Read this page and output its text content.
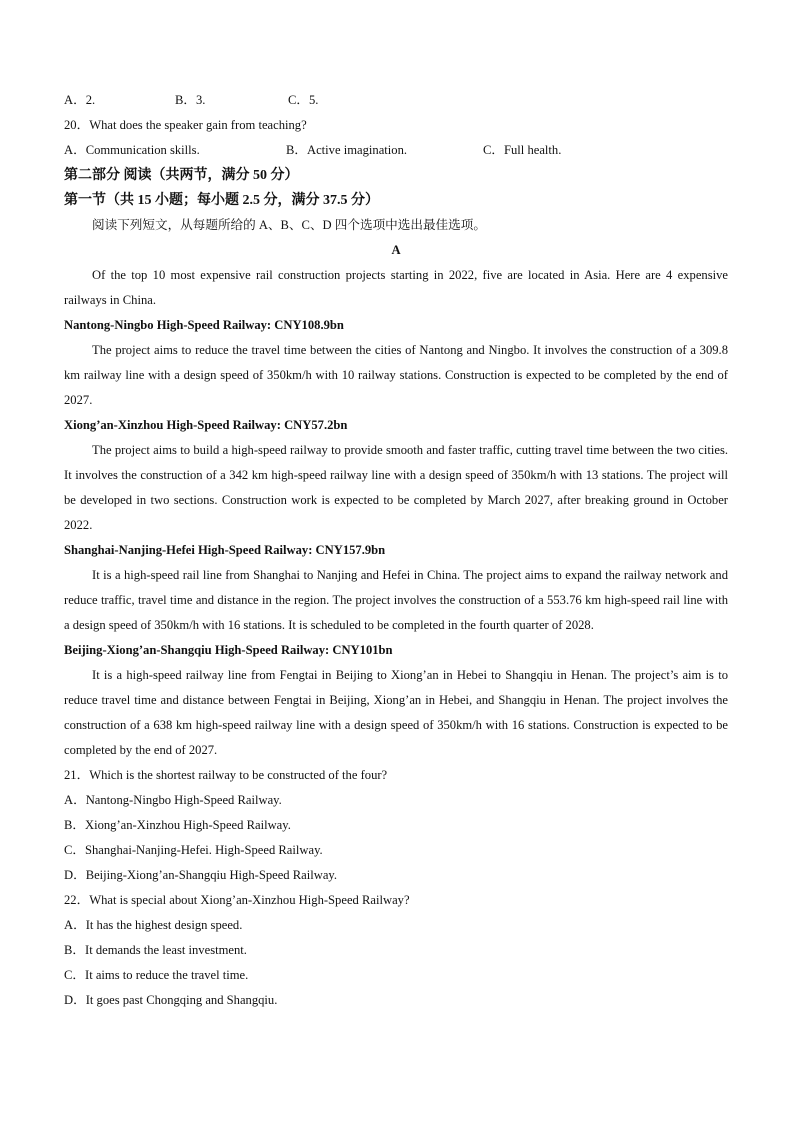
A．2.	B．3.	C．5.
20．What does the speaker gain from teaching?
A．Communication skills.	B．Active imagination.	C．Full health.
第二部分 阅读（共两节，满分 50 分）
第一节（共 15 小题；每小题 2.5 分，满分 37.5 分）
阅读下列短文，从每题所给的 A、B、C、D 四个选项中选出最佳选项。
A

Of the top 10 most expensive rail construction projects starting in 2022, five are located in Asia. Here are 4 expensive railways in China.

Nantong-Ningbo High-Speed Railway: CNY108.9bn

The project aims to reduce the travel time between the cities of Nantong and Ningbo. It involves the construction of a 309.8 km railway line with a design speed of 350km/h with 10 railway stations. Construction is expected to be completed by the end of 2027.

Xiong’an-Xinzhou High-Speed Railway: CNY57.2bn

The project aims to build a high-speed railway to provide smooth and faster traffic, cutting travel time between the two cities. It involves the construction of a 342 km high-speed railway line with a design speed of 350km/h with 13 stations. The project will be developed in two sections. Construction work is expected to be completed by March 2027, after breaking ground in October 2022.

Shanghai-Nanjing-Hefei High-Speed Railway: CNY157.9bn

It is a high-speed rail line from Shanghai to Nanjing and Hefei in China. The project aims to expand the railway network and reduce traffic, travel time and distance in the region. The project involves the construction of a 553.76 km high-speed rail line with a design speed of 350km/h with 16 stations. It is scheduled to be completed in the fourth quarter of 2028.

Beijing-Xiong’an-Shangqiu High-Speed Railway: CNY101bn

It is a high-speed railway line from Fengtai in Beijing to Xiong’an in Hebei to Shangqiu in Henan. The project’s aim is to reduce travel time and distance between Fengtai in Beijing, Xiong’an in Hebei, and Shangqiu in Henan. The project involves the construction of a 638 km high-speed railway line with a design speed of 350km/h with 16 stations. Construction is expected to be completed by the end of 2027.

21．Which is the shortest railway to be constructed of the four?
A．Nantong-Ningbo High-Speed Railway.
B．Xiong’an-Xinzhou High-Speed Railway.
C．Shanghai-Nanjing-Hefei. High-Speed Railway.
D．Beijing-Xiong’an-Shangqiu High-Speed Railway.
22．What is special about Xiong’an-Xinzhou High-Speed Railway?
A．It has the highest design speed.
B．It demands the least investment.
C．It aims to reduce the travel time.
D．It goes past Chongqing and Shangqiu.
